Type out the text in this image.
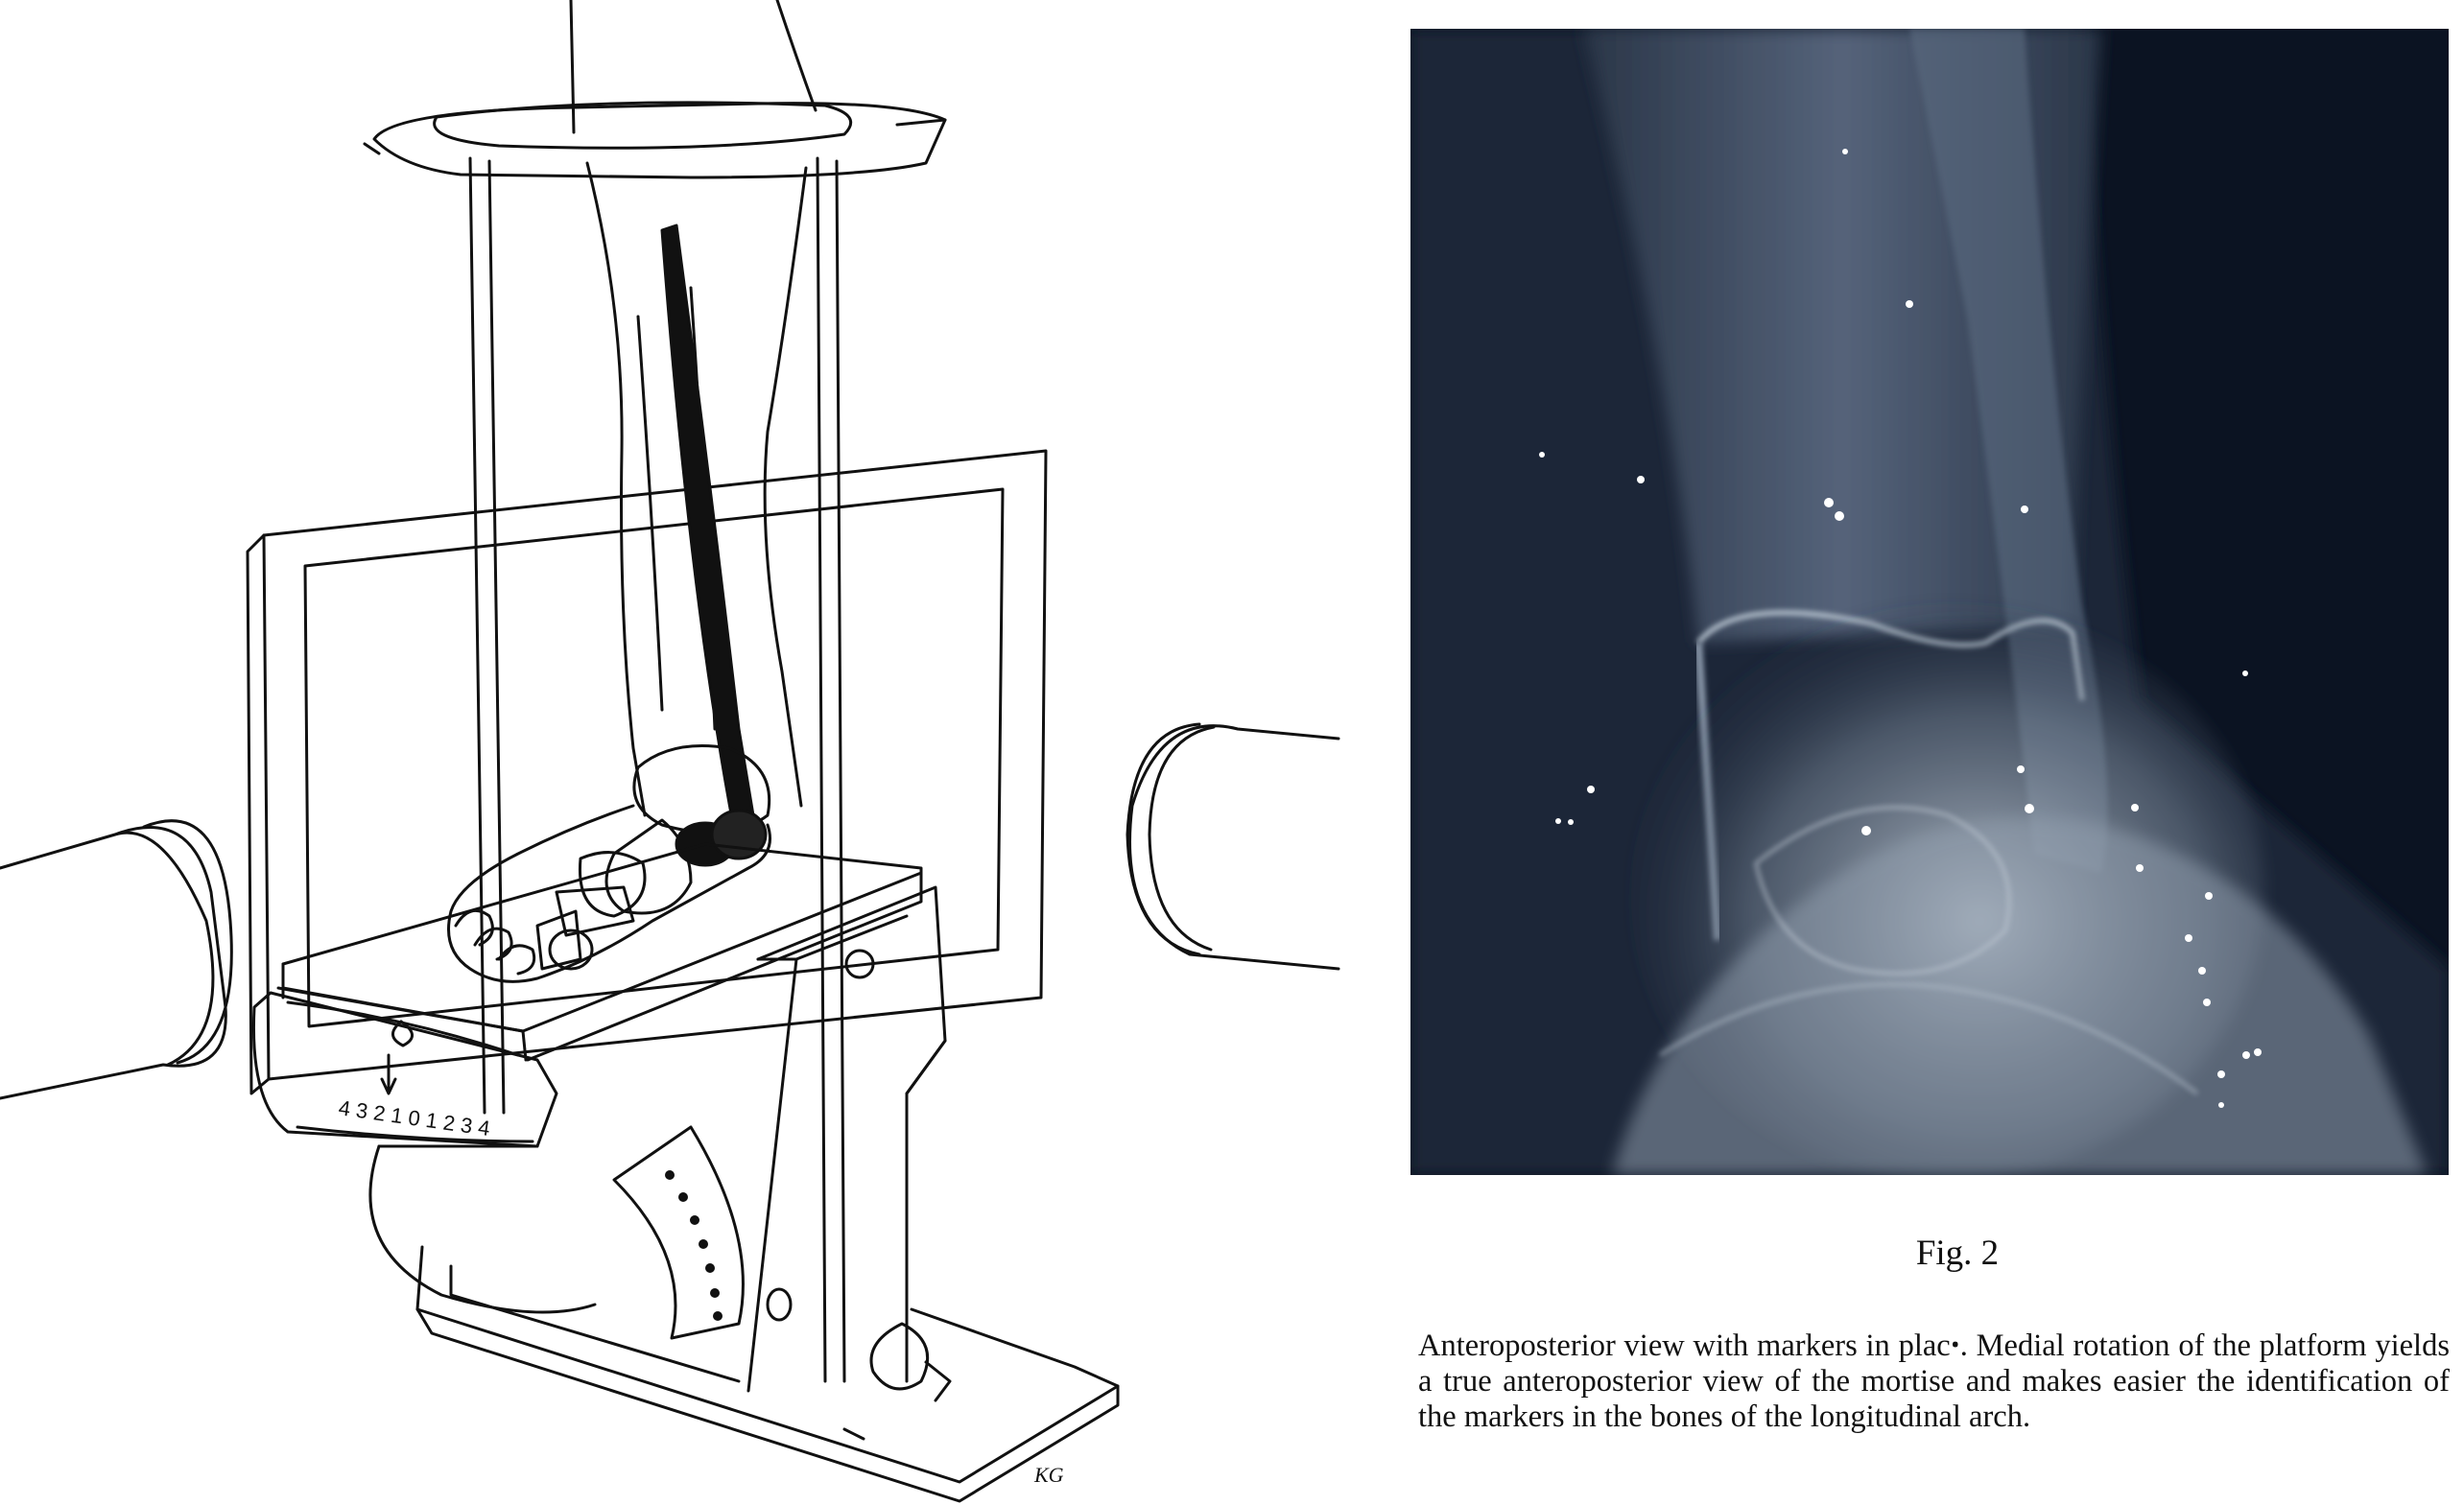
4 3 2 1 0 1 2 3 4
KG
Fig. 2
Anteroposterior view with markers in placꞏ. Medial rotation of the platform yields a true anteroposterior view of the mortise and makes easier the identification of the markers in the bones of the longitudinal arch.
